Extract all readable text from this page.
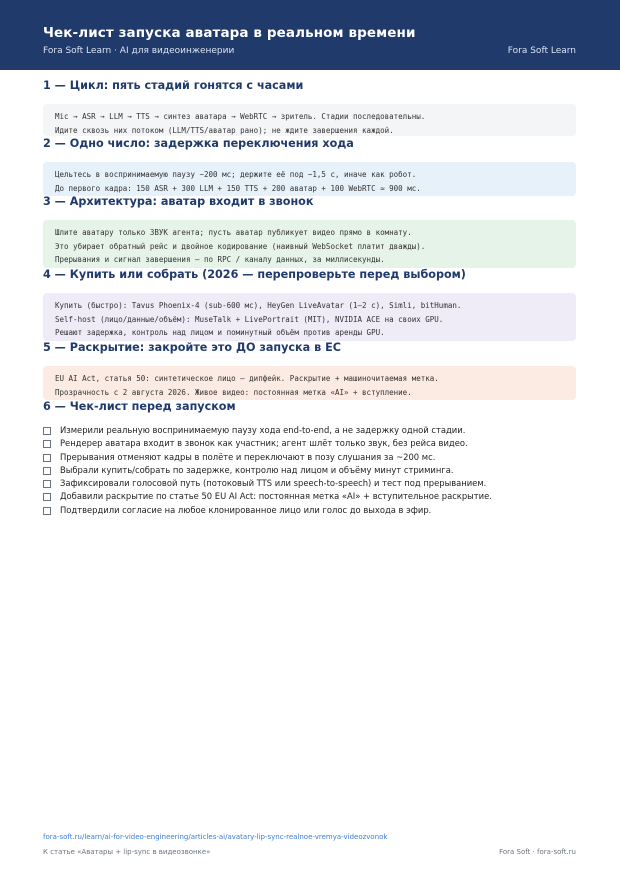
Чек-лист запуска аватара в реальном времени
Fora Soft Learn · AI для видеоинженерии	Fora Soft Learn
1 — Цикл: пять стадий гонятся с часами
Mic → ASR → LLM → TTS → синтез аватара → WebRTC → зритель. Стадии последовательны.
Идите сквозь них потоком (LLM/TTS/аватар рано); не ждите завершения каждой.
2 — Одно число: задержка переключения хода
Цельтесь в воспринимаемую паузу ~200 мс; держите её под ~1,5 с, иначе как робот.
До первого кадра: 150 ASR + 300 LLM + 150 TTS + 200 аватар + 100 WebRTC ≈ 900 мс.
3 — Архитектура: аватар входит в звонок
Шлите аватару только ЗВУК агента; пусть аватар публикует видео прямо в комнату.
Это убирает обратный рейс и двойное кодирование (наивный WebSocket платит дважды).
Прерывания и сигнал завершения — по RPC / каналу данных, за миллисекунды.
4 — Купить или собрать (2026 — перепроверьте перед выбором)
Купить (быстро): Tavus Phoenix-4 (sub-600 мс), HeyGen LiveAvatar (1–2 с), Simli, bitHuman.
Self-host (лицо/данные/объём): MuseTalk + LivePortrait (MIT), NVIDIA ACE на своих GPU.
Решают задержка, контроль над лицом и поминутный объём против аренды GPU.
5 — Раскрытие: закройте это ДО запуска в ЕС
EU AI Act, статья 50: синтетическое лицо — дипфейк. Раскрытие + машиночитаемая метка.
Прозрачность с 2 августа 2026. Живое видео: постоянная метка «AI» + вступление.
6 — Чек-лист перед запуском
Измерили реальную воспринимаемую паузу хода end-to-end, а не задержку одной стадии.
Рендерер аватара входит в звонок как участник; агент шлёт только звук, без рейса видео.
Прерывания отменяют кадры в полёте и переключают в позу слушания за ~200 мс.
Выбрали купить/собрать по задержке, контролю над лицом и объёму минут стриминга.
Зафиксировали голосовой путь (потоковый TTS или speech-to-speech) и тест под прерыванием.
Добавили раскрытие по статье 50 EU AI Act: постоянная метка «AI» + вступительное раскрытие.
Подтвердили согласие на любое клонированное лицо или голос до выхода в эфир.
fora-soft.ru/learn/ai-for-video-engineering/articles-ai/avatary-lip-sync-realnoe-vremya-videozvonok
К статье «Аватары + lip-sync в видеозвонке»	Fora Soft · fora-soft.ru
